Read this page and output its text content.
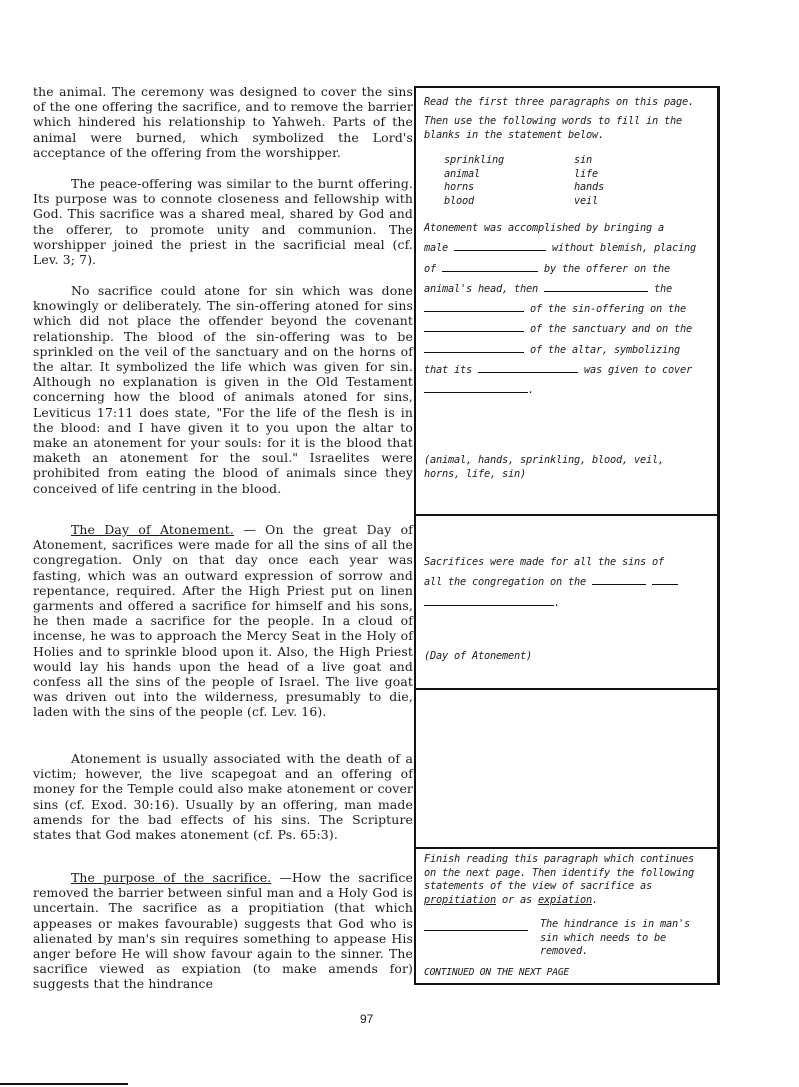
the animal. The ceremony was designed to cover the sins of the one offering the sacrifice, and to remove the barrier which hindered his relationship to Yahweh. Parts of the animal were burned, which symbolized the Lord's acceptance of the offering from the worshipper.

The peace-offering was similar to the burnt offering. Its purpose was to connote closeness and fellowship with God. This sacrifice was a shared meal, shared by God and the offerer, to promote unity and communion. The worshipper joined the priest in the sacrificial meal (cf. Lev. 3; 7).

No sacrifice could atone for sin which was done knowingly or deliberately. The sin-offering atoned for sins which did not place the offender beyond the covenant relationship. The blood of the sin-offering was to be sprinkled on the veil of the sanctuary and on the horns of the altar. It symbolized the life which was given for sin. Although no explanation is given in the Old Testament concerning how the blood of animals atoned for sins, Leviticus 17:11 does state, "For the life of the flesh is in the blood: and I have given it to you upon the altar to make an atonement for your souls: for it is the blood that maketh an atonement for the soul." Israelites were prohibited from eating the blood of animals since they conceived of life centring in the blood.

The Day of Atonement. — On the great Day of Atonement, sacrifices were made for all the sins of all the congregation. Only on that day once each year was fasting, which was an outward expression of sorrow and repentance, required. After the High Priest put on linen garments and offered a sacrifice for himself and his sons, he then made a sacrifice for the people. In a cloud of incense, he was to approach the Mercy Seat in the Holy of Holies and to sprinkle blood upon it. Also, the High Priest would lay his hands upon the head of a live goat and confess all the sins of the people of Israel. The live goat was driven out into the wilderness, presumably to die, laden with the sins of the people (cf. Lev. 16).

Atonement is usually associated with the death of a victim; however, the live scapegoat and an offering of money for the Temple could also make atonement or cover sins (cf. Exod. 30:16). Usually by an offering, man made amends for the bad effects of his sins. The Scripture states that God makes atonement (cf. Ps. 65:3).

The purpose of the sacrifice. —How the sacrifice removed the barrier between sinful man and a Holy God is uncertain. The sacrifice as a propitiation (that which appeases or makes favourable) suggests that God who is alienated by man's sin requires something to appease His anger before He will show favour again to the sinner. The sacrifice viewed as expiation (to make amends for) suggests that the hindrance

Read the first three paragraphs on this page.

Then use the following words to fill in the blanks in the statement below.

sprinkling	sin
animal	life
horns	hands
blood	veil
Atonement was accomplished by bringing a
male	without blemish, placing
of	by the offerer on the
animal's head, then	the
of the sin-offering on the
of the sanctuary and on the
of the altar, symbolizing
that its	was given to cover
.

(animal, hands, sprinkling, blood, veil, horns, life, sin)

Sacrifices were made for all the sins of
all the congregation on the
.

(Day of Atonement)

Finish reading this paragraph which continues on the next page. Then identify the following statements of the view of sacrifice as propitiation or as expiation.

The hindrance is in man's sin which needs to be removed.

CONTINUED ON THE NEXT PAGE

97
